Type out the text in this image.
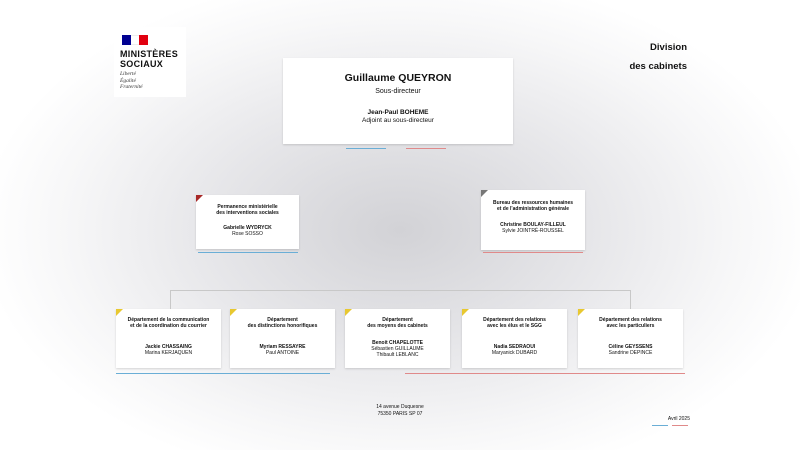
MINISTÈRES
SOCIAUX
Liberté
Égalité
Fraternité
Division
des cabinets
Guillaume QUEYRON
Sous-directeur
Jean-Paul BOHEME
Adjoint au sous-directeur
Permanence ministérielle
des interventions sociales
Gabrielle WYDRYCK
Rose SOSSO
Bureau des ressources humaines
et de l'administration générale
Christine BOULAY-FILLEUL
Sylvie JOINTRÉ-ROUSSEL
Département de la communication
et de la coordination du courrier
Jackie CHASSAING
Marina KERJAQUEN
Département
des distinctions honorifiques
Myriam RESSAYRE
Paul ANTOINE
Département
des moyens des cabinets
Benoit CHAPELOTTE
Sébastien GUILLAUME
Thibault LEBLANC
Département des relations
avec les élus et le SGG
Nadia SEDRAOUI
Maryanick DUBARD
Département des relations
avec les particuliers
Céline GEYSSENS
Sandrine DEPINCE
14 avenue Duquesne
75350 PARIS SP 07
Avril 2025
